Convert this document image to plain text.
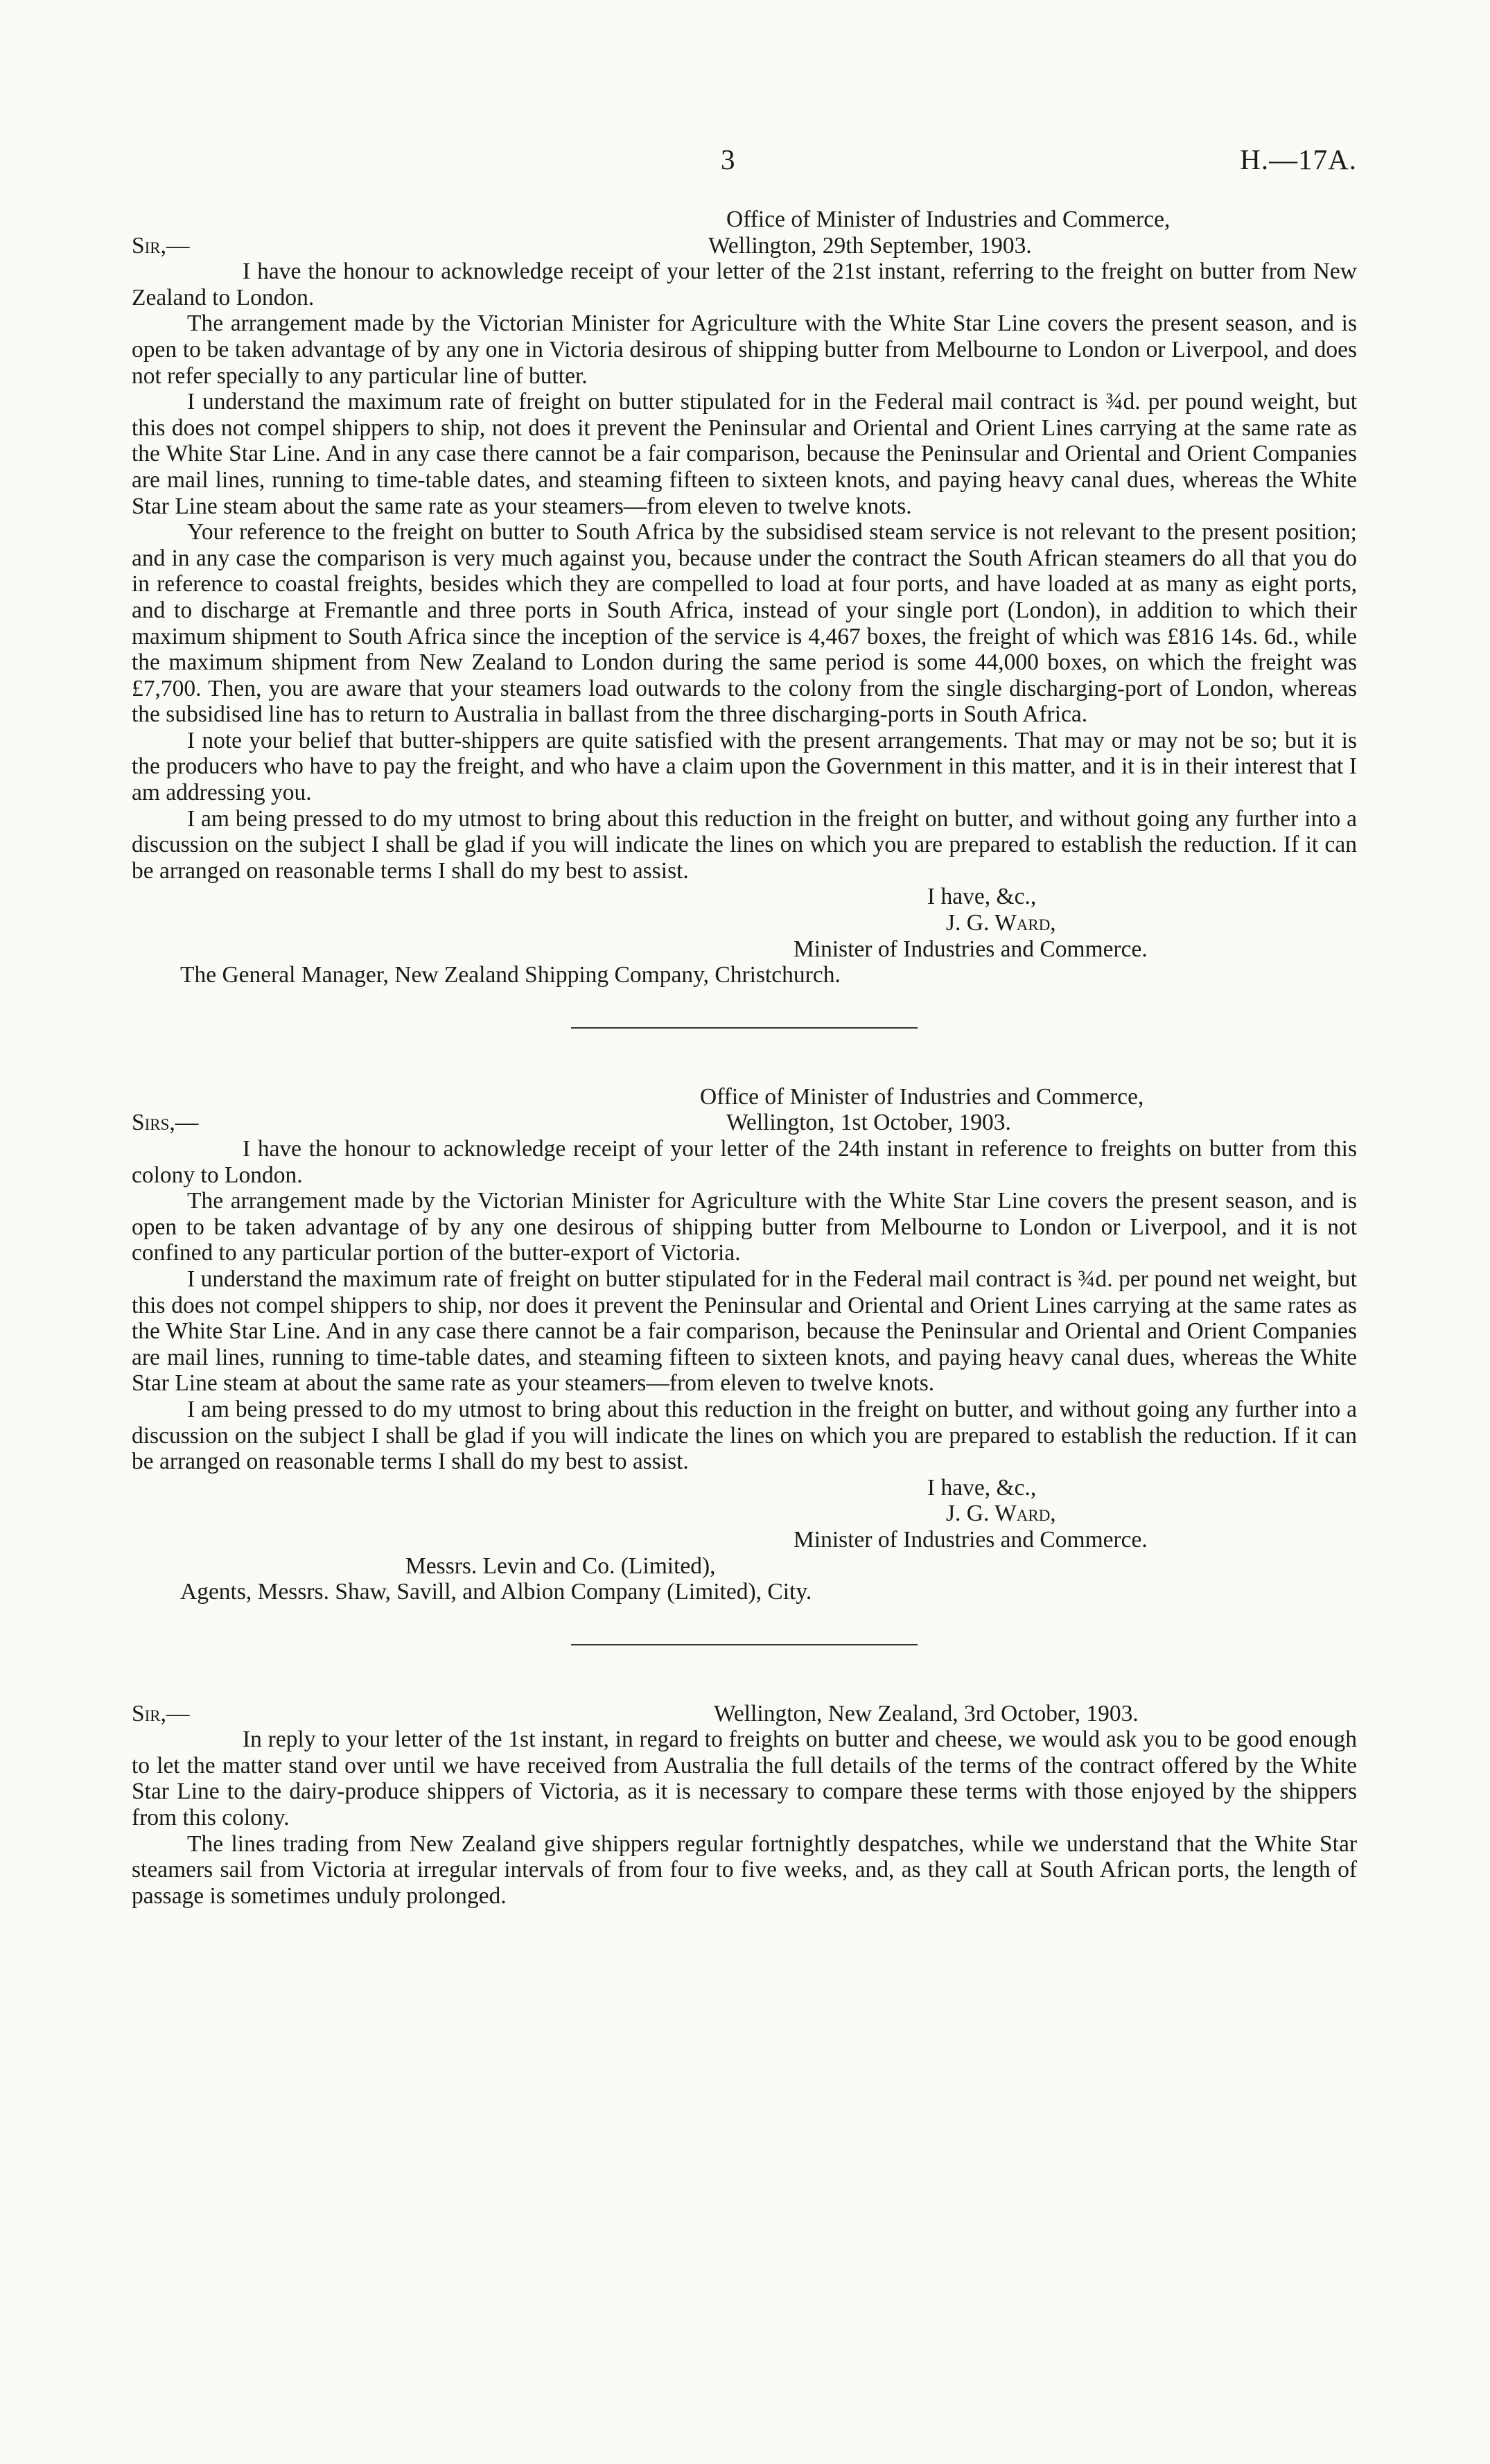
3	H.—17A.
Office of Minister of Industries and Commerce,
Sir,—	Wellington, 29th September, 1903.

I have the honour to acknowledge receipt of your letter of the 21st instant, referring to the freight on butter from New Zealand to London.

The arrangement made by the Victorian Minister for Agriculture with the White Star Line covers the present season, and is open to be taken advantage of by any one in Victoria desirous of shipping butter from Melbourne to London or Liverpool, and does not refer specially to any particular line of butter.

I understand the maximum rate of freight on butter stipulated for in the Federal mail contract is ¾d. per pound weight, but this does not compel shippers to ship, not does it prevent the Peninsular and Oriental and Orient Lines carrying at the same rate as the White Star Line. And in any case there cannot be a fair comparison, because the Peninsular and Oriental and Orient Companies are mail lines, running to time-table dates, and steaming fifteen to sixteen knots, and paying heavy canal dues, whereas the White Star Line steam about the same rate as your steamers—from eleven to twelve knots.

Your reference to the freight on butter to South Africa by the subsidised steam service is not relevant to the present position; and in any case the comparison is very much against you, because under the contract the South African steamers do all that you do in reference to coastal freights, besides which they are compelled to load at four ports, and have loaded at as many as eight ports, and to discharge at Fremantle and three ports in South Africa, instead of your single port (London), in addition to which their maximum shipment to South Africa since the inception of the service is 4,467 boxes, the freight of which was £816 14s. 6d., while the maximum shipment from New Zealand to London during the same period is some 44,000 boxes, on which the freight was £7,700. Then, you are aware that your steamers load outwards to the colony from the single discharging-port of London, whereas the subsidised line has to return to Australia in ballast from the three discharging-ports in South Africa.

I note your belief that butter-shippers are quite satisfied with the present arrangements. That may or may not be so; but it is the producers who have to pay the freight, and who have a claim upon the Government in this matter, and it is in their interest that I am addressing you.

I am being pressed to do my utmost to bring about this reduction in the freight on butter, and without going any further into a discussion on the subject I shall be glad if you will indicate the lines on which you are prepared to establish the reduction. If it can be arranged on reasonable terms I shall do my best to assist.

I have, &c.,
J. G. Ward,
Minister of Industries and Commerce.
The General Manager, New Zealand Shipping Company, Christchurch.
Office of Minister of Industries and Commerce,
Sirs,—	Wellington, 1st October, 1903.

I have the honour to acknowledge receipt of your letter of the 24th instant in reference to freights on butter from this colony to London.

The arrangement made by the Victorian Minister for Agriculture with the White Star Line covers the present season, and is open to be taken advantage of by any one desirous of shipping butter from Melbourne to London or Liverpool, and it is not confined to any particular portion of the butter-export of Victoria.

I understand the maximum rate of freight on butter stipulated for in the Federal mail contract is ¾d. per pound net weight, but this does not compel shippers to ship, nor does it prevent the Peninsular and Oriental and Orient Lines carrying at the same rates as the White Star Line. And in any case there cannot be a fair comparison, because the Peninsular and Oriental and Orient Companies are mail lines, running to time-table dates, and steaming fifteen to sixteen knots, and paying heavy canal dues, whereas the White Star Line steam at about the same rate as your steamers—from eleven to twelve knots.

I am being pressed to do my utmost to bring about this reduction in the freight on butter, and without going any further into a discussion on the subject I shall be glad if you will indicate the lines on which you are prepared to establish the reduction. If it can be arranged on reasonable terms I shall do my best to assist.

I have, &c.,
J. G. Ward,
Minister of Industries and Commerce.
Messrs. Levin and Co. (Limited),
Agents, Messrs. Shaw, Savill, and Albion Company (Limited), City.
Sir,—	Wellington, New Zealand, 3rd October, 1903.

In reply to your letter of the 1st instant, in regard to freights on butter and cheese, we would ask you to be good enough to let the matter stand over until we have received from Australia the full details of the terms of the contract offered by the White Star Line to the dairy-produce shippers of Victoria, as it is necessary to compare these terms with those enjoyed by the shippers from this colony.

The lines trading from New Zealand give shippers regular fortnightly despatches, while we understand that the White Star steamers sail from Victoria at irregular intervals of from four to five weeks, and, as they call at South African ports, the length of passage is sometimes unduly prolonged.
